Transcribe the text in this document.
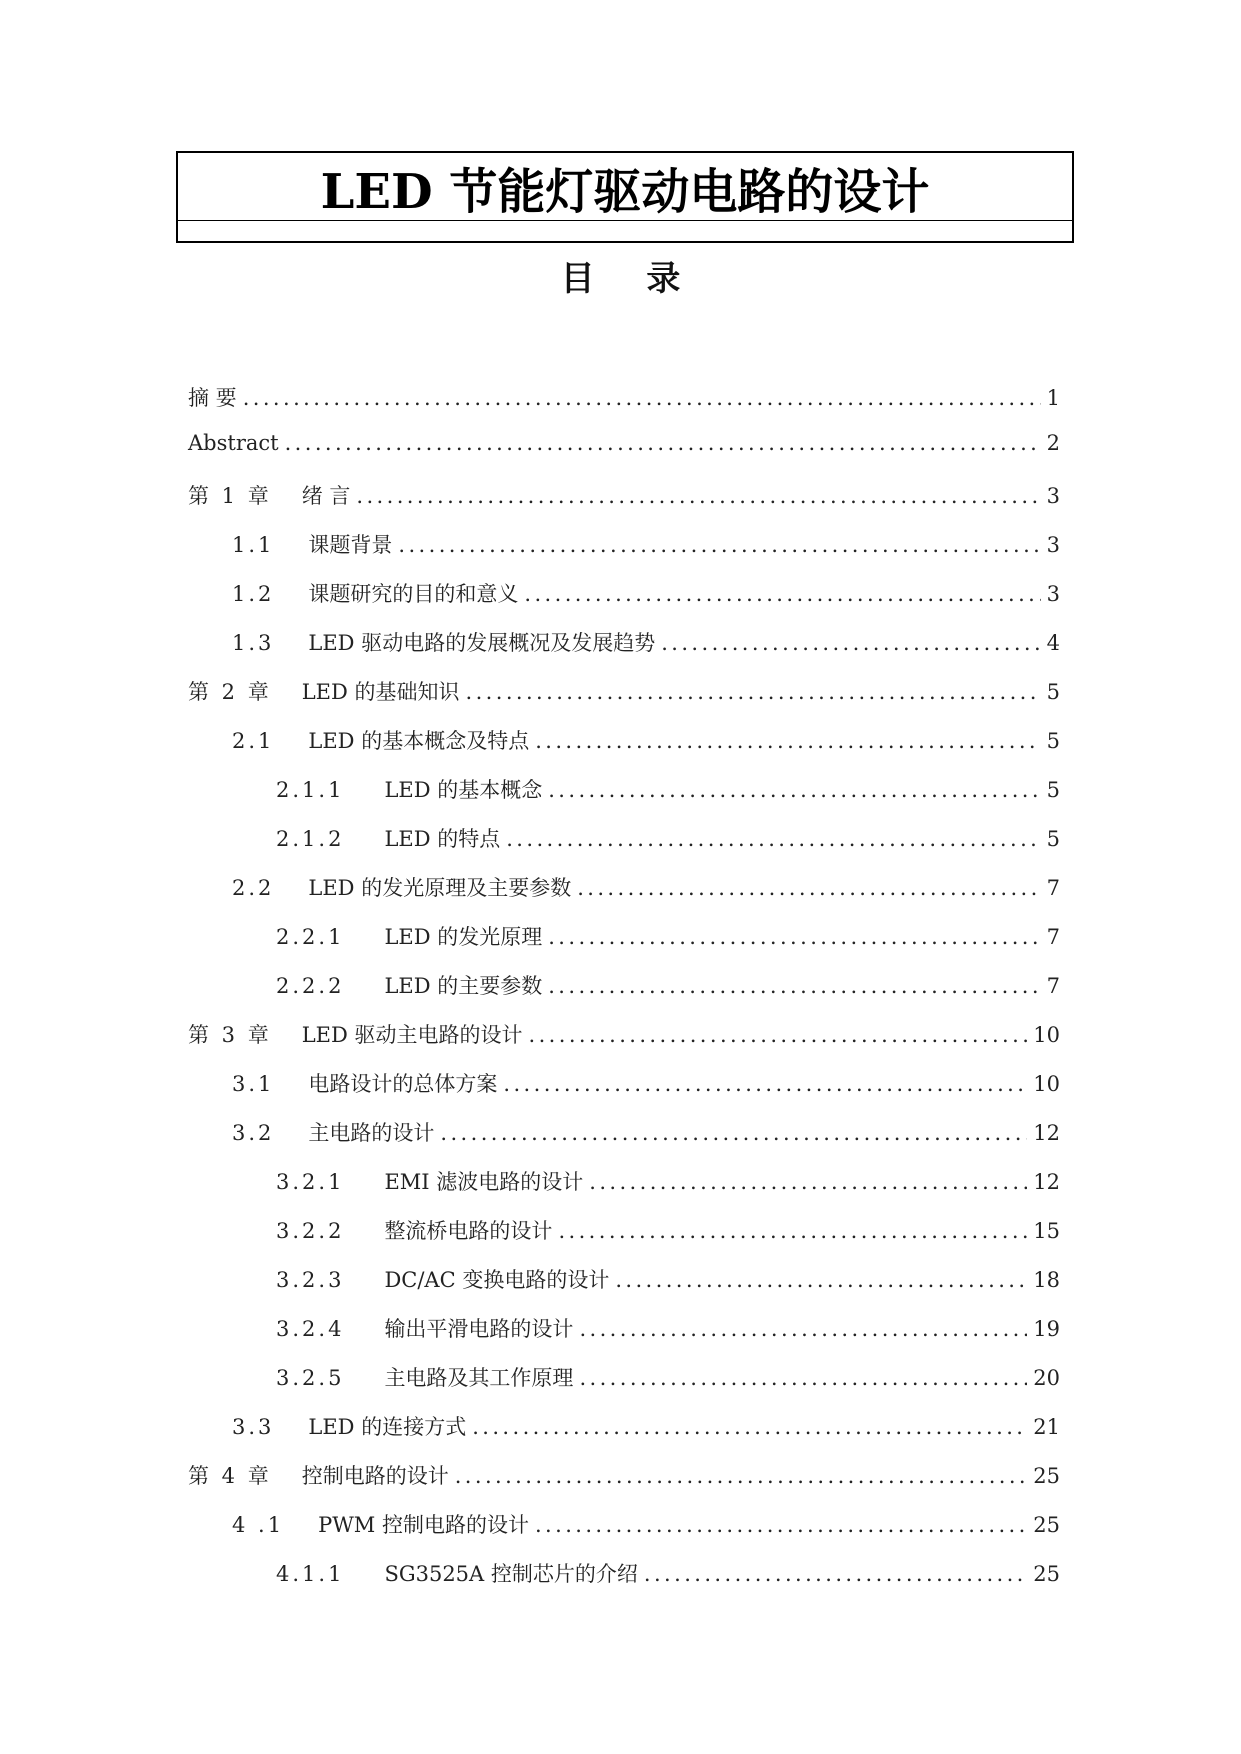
LED 节能灯驱动电路的设计
目 录
摘 要 .....	1
Abstract .....	2
第 1 章 绪 言 .....	3
1.1 课题背景 .....	3
1.2 课题研究的目的和意义 .....	3
1.3 LED 驱动电路的发展概况及发展趋势 .....	4
第 2 章 LED 的基础知识 .....	5
2.1 LED 的基本概念及特点 .....	5
2.1.1 LED 的基本概念 .....	5
2.1.2 LED 的特点 .....	5
2.2 LED 的发光原理及主要参数 .....	7
2.2.1 LED 的发光原理 .....	7
2.2.2 LED 的主要参数 .....	7
第 3 章 LED 驱动主电路的设计 .....	10
3.1 电路设计的总体方案 .....	10
3.2 主电路的设计 .....	12
3.2.1 EMI 滤波电路的设计 .....	12
3.2.2 整流桥电路的设计 .....	15
3.2.3 DC/AC 变换电路的设计 .....	18
3.2.4 输出平滑电路的设计 .....	19
3.2.5 主电路及其工作原理 .....	20
3.3 LED 的连接方式 .....	21
第 4 章 控制电路的设计 .....	25
4 .1 PWM 控制电路的设计 .....	25
4.1.1 SG3525A 控制芯片的介绍 .....	25
